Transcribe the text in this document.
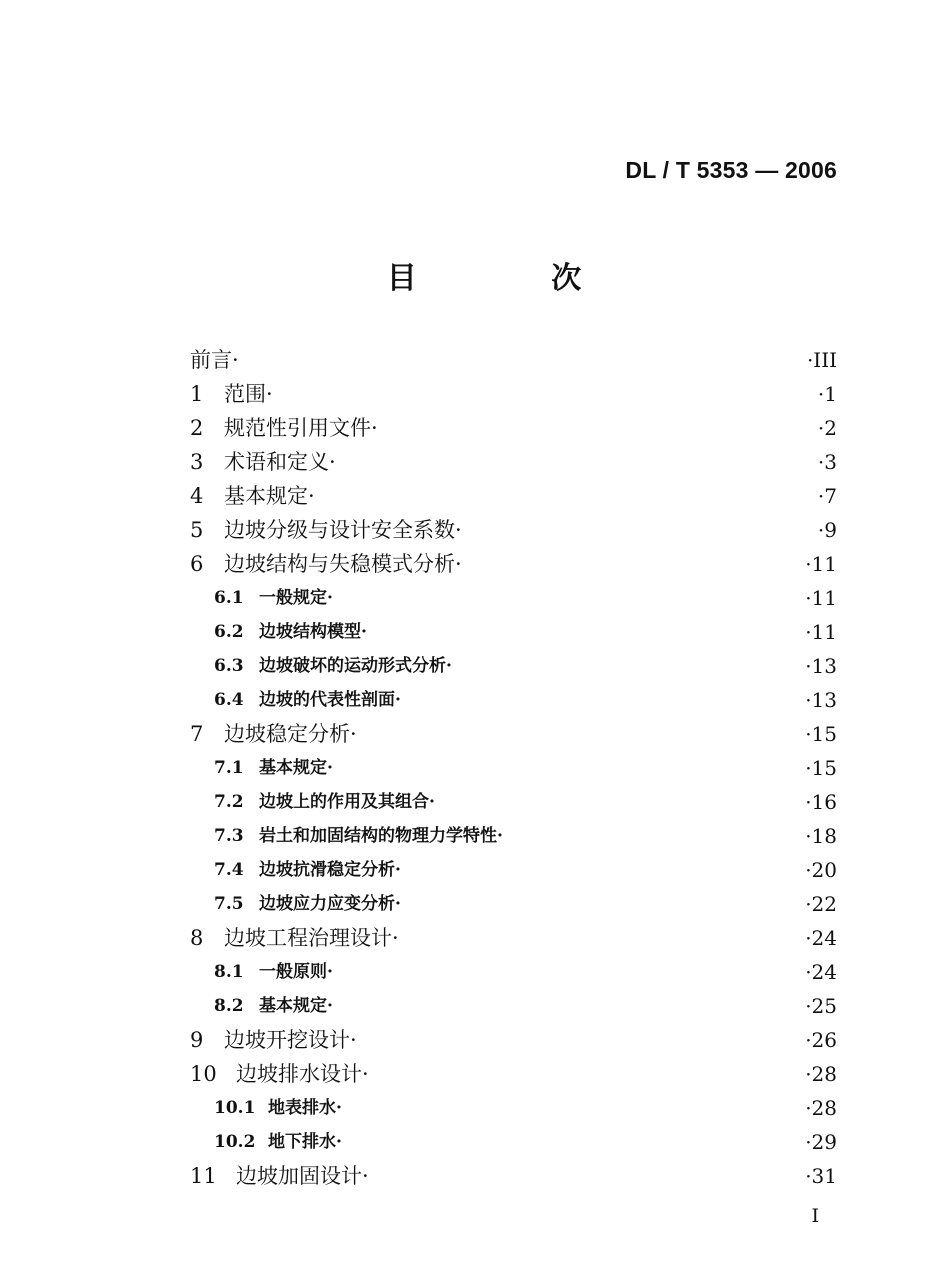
DL / T 5353 — 2006
目 次
前言 ·	· III
1 范围 ·	· 1
2 规范性引用文件 ·	· 2
3 术语和定义 ·	· 3
4 基本规定 ·	· 7
5 边坡分级与设计安全系数 ·	· 9
6 边坡结构与失稳模式分析 ·	· 11
6.1 一般规定 ·	· 11
6.2 边坡结构模型 ·	· 11
6.3 边坡破坏的运动形式分析 ·	· 13
6.4 边坡的代表性剖面 ·	· 13
7 边坡稳定分析 ·	· 15
7.1 基本规定 ·	· 15
7.2 边坡上的作用及其组合 ·	· 16
7.3 岩土和加固结构的物理力学特性 ·	· 18
7.4 边坡抗滑稳定分析 ·	· 20
7.5 边坡应力应变分析 ·	· 22
8 边坡工程治理设计 ·	· 24
8.1 一般原则 ·	· 24
8.2 基本规定 ·	· 25
9 边坡开挖设计 ·	· 26
10 边坡排水设计 ·	· 28
10.1 地表排水 ·	· 28
10.2 地下排水 ·	· 29
11 边坡加固设计 ·	· 31
I
